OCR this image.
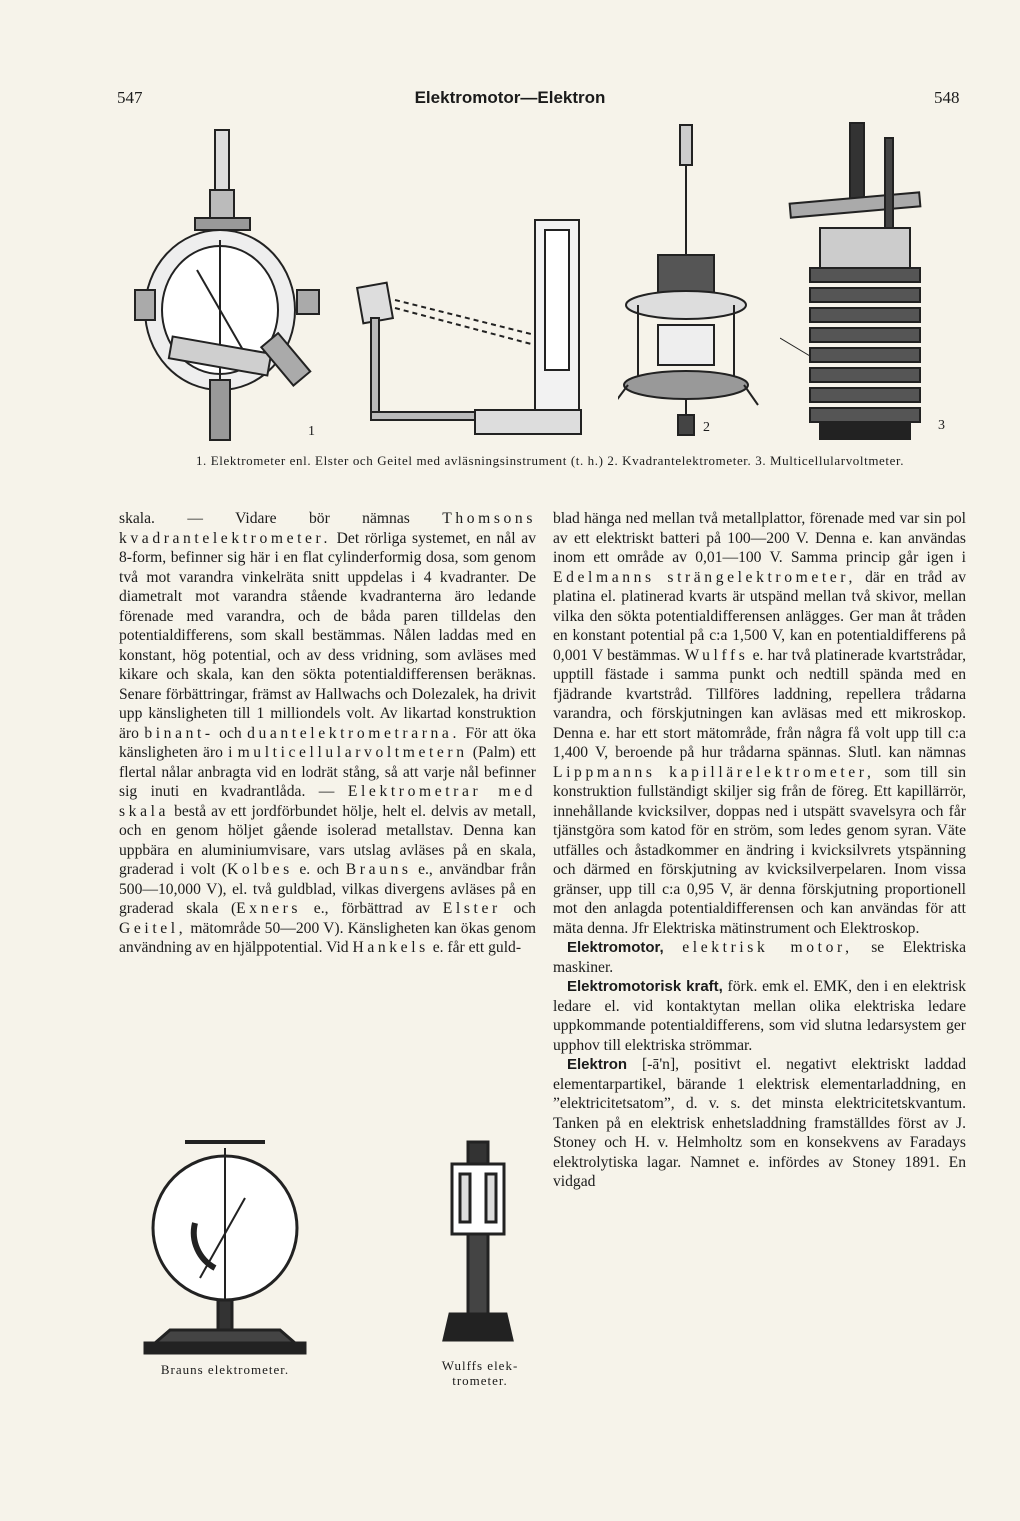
547	Elektromotor—Elektron	548
1	2	3
1. Elektrometer enl. Elster och Geitel med avläsningsinstrument (t. h.) 2. Kvadrantelektrometer. 3. Multicellularvoltmeter.

skala. — Vidare bör nämnas Thomsons kvadrantelektrometer. Det rörliga systemet, en nål av 8-form, befinner sig här i en flat cylinderformig dosa, som genom två mot varandra vinkelräta snitt uppdelas i 4 kvadranter. De diametralt mot varandra stående kvadranterna äro ledande förenade med varandra, och de båda paren tilldelas den potentialdifferens, som skall bestämmas. Nålen laddas med en konstant, hög potential, och av dess vridning, som avläses med kikare och skala, kan den sökta potentialdifferensen beräknas. Senare förbättringar, främst av Hallwachs och Dolezalek, ha drivit upp känsligheten till 1 milliondels volt. Av likartad konstruktion äro binant- och duantelektrometrarna. För att öka känsligheten äro i multicellularvoltmetern (Palm) ett flertal nålar anbragta vid en lodrät stång, så att varje nål befinner sig inuti en kvadrantlåda. — Elektrometrar med skala bestå av ett jordförbundet hölje, helt el. delvis av metall, och en genom höljet gående isolerad metallstav. Denna kan uppbära en aluminiumvisare, vars utslag avläses på en skala, graderad i volt (Kolbes e. och Brauns e., användbar från 500—10,000 V), el. två guldblad, vilkas divergens avläses på en graderad skala (Exners e., förbättrad av Elster och Geitel, mätområde 50—200 V). Känsligheten kan ökas genom användning av en hjälppotential. Vid Hankels e. får ett guld-

Brauns elektrometer.	Wulffs elek-
trometer.

blad hänga ned mellan två metallplattor, förenade med var sin pol av ett elektriskt batteri på 100—200 V. Denna e. kan användas inom ett område av 0,01—100 V. Samma princip går igen i Edelmanns strängelektrometer, där en tråd av platina el. platinerad kvarts är utspänd mellan två skivor, mellan vilka den sökta potentialdifferensen anlägges. Ger man åt tråden en konstant potential på c:a 1,500 V, kan en potentialdifferens på 0,001 V bestämmas. Wulffs e. har två platinerade kvartstrådar, upptill fästade i samma punkt och nedtill spända med en fjädrande kvartstråd. Tillföres laddning, repellera trådarna varandra, och förskjutningen kan avläsas med ett mikroskop. Denna e. har ett stort mätområde, från några få volt upp till c:a 1,400 V, beroende på hur trådarna spännas. Slutl. kan nämnas Lippmanns kapillärelektrometer, som till sin konstruktion fullständigt skiljer sig från de föreg. Ett kapillärrör, innehållande kvicksilver, doppas ned i utspätt svavelsyra och får tjänstgöra som katod för en ström, som ledes genom syran. Väte utfälles och åstadkommer en ändring i kvicksilvrets ytspänning och därmed en förskjutning av kvicksilverpelaren. Inom vissa gränser, upp till c:a 0,95 V, är denna förskjutning proportionell mot den anlagda potentialdifferensen och kan användas för att mäta denna. Jfr Elektriska mätinstrument och Elektroskop.

Elektromotor, elektrisk motor, se Elektriska maskiner.

Elektromotorisk kraft, förk. emk el. EMK, den i en elektrisk ledare el. vid kontaktytan mellan olika elektriska ledare uppkommande potentialdifferens, som vid slutna ledarsystem ger upphov till elektriska strömmar.

Elektron [-ā'n], positivt el. negativt elektriskt laddad elementarpartikel, bärande 1 elektrisk elementarladdning, en ”elektricitetsatom”, d. v. s. det minsta elektricitetskvantum. Tanken på en elektrisk enhetsladdning framställdes först av J. Stoney och H. v. Helmholtz som en konsekvens av Faradays elektrolytiska lagar. Namnet e. infördes av Stoney 1891. En vidgad
